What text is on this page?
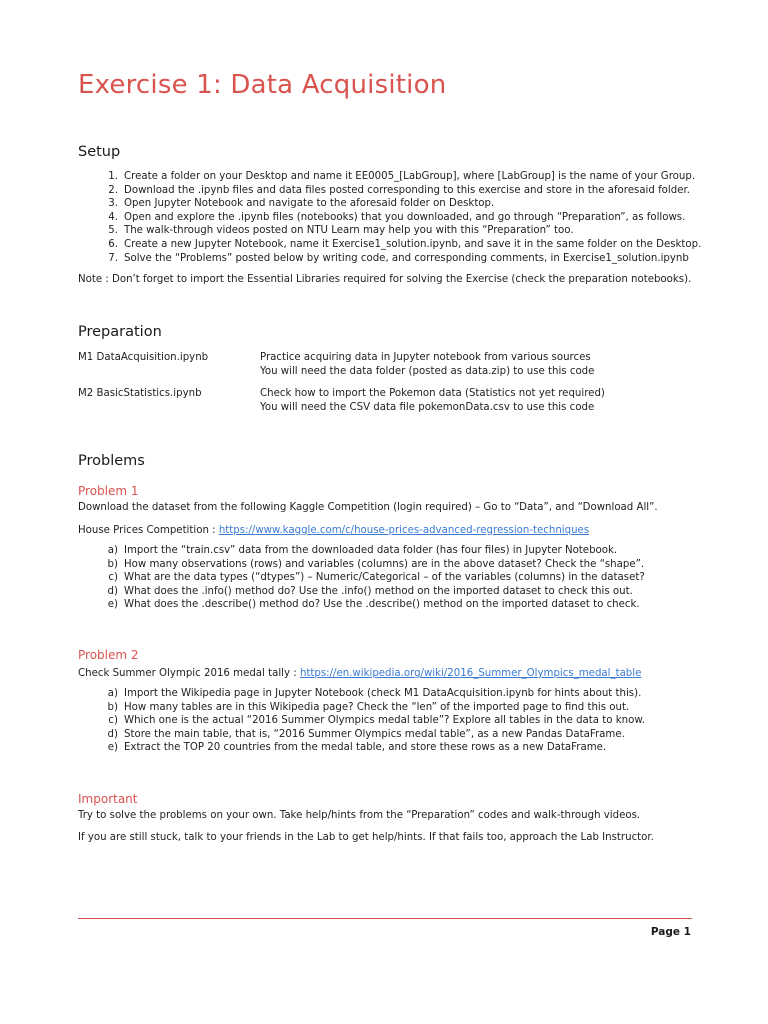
Exercise 1: Data Acquisition
Setup
1. Create a folder on your Desktop and name it EE0005_[LabGroup], where [LabGroup] is the name of your Group.
2. Download the .ipynb files and data files posted corresponding to this exercise and store in the aforesaid folder.
3. Open Jupyter Notebook and navigate to the aforesaid folder on Desktop.
4. Open and explore the .ipynb files (notebooks) that you downloaded, and go through “Preparation”, as follows.
5. The walk-through videos posted on NTU Learn may help you with this “Preparation” too.
6. Create a new Jupyter Notebook, name it Exercise1_solution.ipynb, and save it in the same folder on the Desktop.
7. Solve the “Problems” posted below by writing code, and corresponding comments, in Exercise1_solution.ipynb
Note : Don’t forget to import the Essential Libraries required for solving the Exercise (check the preparation notebooks).
Preparation
M1 DataAcquisition.ipynb	Practice acquiring data in Jupyter notebook from various sources
You will need the data folder (posted as data.zip) to use this code
M2 BasicStatistics.ipynb	Check how to import the Pokemon data (Statistics not yet required)
You will need the CSV data file pokemonData.csv to use this code
Problems
Problem 1
Download the dataset from the following Kaggle Competition (login required) – Go to “Data”, and “Download All”.
House Prices Competition : https://www.kaggle.com/c/house-prices-advanced-regression-techniques
a) Import the “train.csv” data from the downloaded data folder (has four files) in Jupyter Notebook.
b) How many observations (rows) and variables (columns) are in the above dataset? Check the “shape”.
c) What are the data types (“dtypes”) – Numeric/Categorical – of the variables (columns) in the dataset?
d) What does the .info() method do? Use the .info() method on the imported dataset to check this out.
e) What does the .describe() method do? Use the .describe() method on the imported dataset to check.
Problem 2
Check Summer Olympic 2016 medal tally : https://en.wikipedia.org/wiki/2016_Summer_Olympics_medal_table
a) Import the Wikipedia page in Jupyter Notebook (check M1 DataAcquisition.ipynb for hints about this).
b) How many tables are in this Wikipedia page? Check the “len” of the imported page to find this out.
c) Which one is the actual “2016 Summer Olympics medal table”? Explore all tables in the data to know.
d) Store the main table, that is, “2016 Summer Olympics medal table”, as a new Pandas DataFrame.
e) Extract the TOP 20 countries from the medal table, and store these rows as a new DataFrame.
Important
Try to solve the problems on your own. Take help/hints from the “Preparation” codes and walk-through videos.
If you are still stuck, talk to your friends in the Lab to get help/hints. If that fails too, approach the Lab Instructor.
Page 1
